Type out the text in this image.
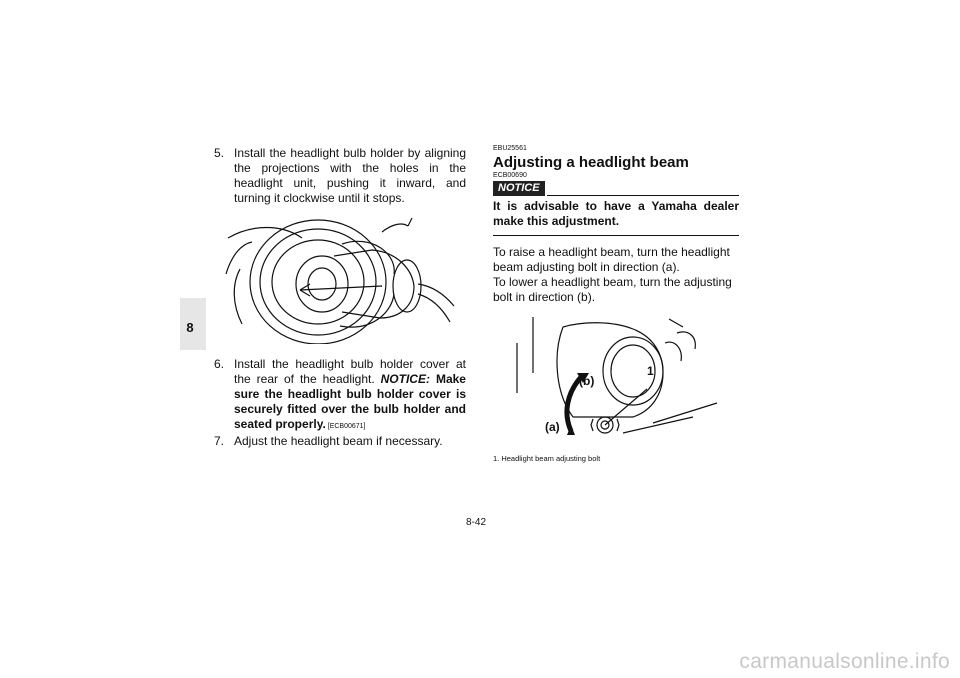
8
5. Install the headlight bulb holder by aligning the projections with the holes in the headlight unit, pushing it inward, and turning it clockwise until it stops.
6. Install the headlight bulb holder cover at the rear of the headlight. NOTICE: Make sure the headlight bulb holder cover is securely fitted over the bulb holder and seated properly. [ECB00671]
7. Adjust the headlight beam if necessary.
EBU25561
Adjusting a headlight beam
ECB00690
NOTICE
It is advisable to have a Yamaha dealer make this adjustment.
To raise a headlight beam, turn the headlight beam adjusting bolt in direction (a).
To lower a headlight beam, turn the adjusting bolt in direction (b).
1
(b)
(a)
1. Headlight beam adjusting bolt
8-42
carmanualsonline.info
